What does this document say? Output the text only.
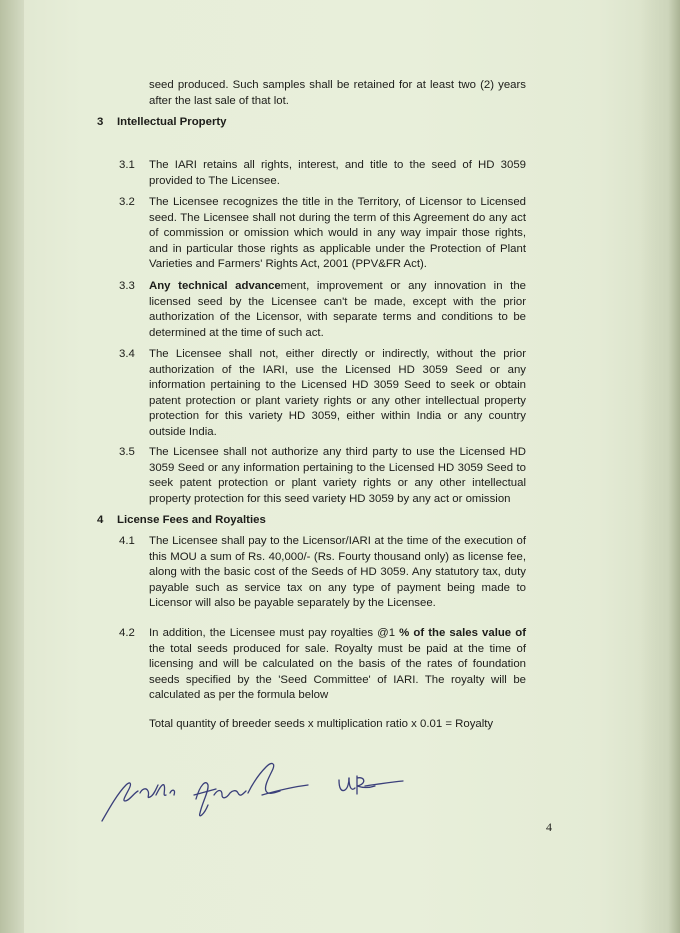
seed produced. Such samples shall be retained for at least two (2) years after the last sale of that lot.
3 Intellectual Property
3.1 The IARI retains all rights, interest, and title to the seed of HD 3059 provided to The Licensee.
3.2 The Licensee recognizes the title in the Territory, of Licensor to Licensed seed. The Licensee shall not during the term of this Agreement do any act of commission or omission which would in any way impair those rights, and in particular those rights as applicable under the Protection of Plant Varieties and Farmers' Rights Act, 2001 (PPV&FR Act).
3.3 Any technical advancement, improvement or any innovation in the licensed seed by the Licensee can't be made, except with the prior authorization of the Licensor, with separate terms and conditions to be determined at the time of such act.
3.4 The Licensee shall not, either directly or indirectly, without the prior authorization of the IARI, use the Licensed HD 3059 Seed or any information pertaining to the Licensed HD 3059 Seed to seek or obtain patent protection or plant variety rights or any other intellectual property protection for this variety HD 3059, either within India or any country outside India.
3.5 The Licensee shall not authorize any third party to use the Licensed HD 3059 Seed or any information pertaining to the Licensed HD 3059 Seed to seek patent protection or plant variety rights or any other intellectual property protection for this seed variety HD 3059 by any act or omission
4 License Fees and Royalties
4.1 The Licensee shall pay to the Licensor/IARI at the time of the execution of this MOU a sum of Rs. 40,000/- (Rs. Fourty thousand only) as license fee, along with the basic cost of the Seeds of HD 3059. Any statutory tax, duty payable such as service tax on any type of payment being made to Licensor will also be payable separately by the Licensee.
4.2 In addition, the Licensee must pay royalties @1 % of the sales value of the total seeds produced for sale. Royalty must be paid at the time of licensing and will be calculated on the basis of the rates of foundation seeds specified by the 'Seed Committee' of IARI. The royalty will be calculated as per the formula below
Total quantity of breeder seeds x multiplication ratio x 0.01 = Royalty
4
